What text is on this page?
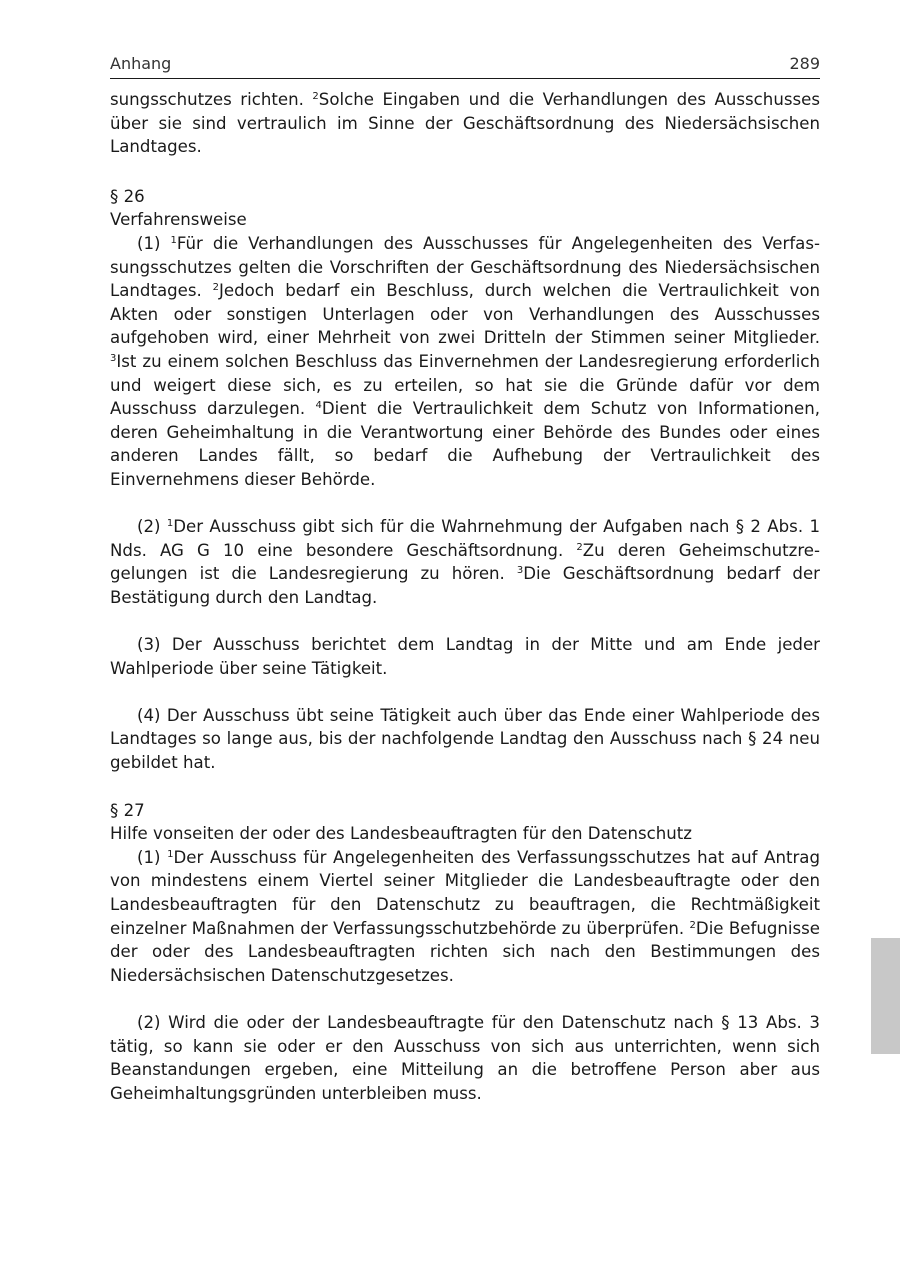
Anhang	289

sungsschutzes richten. $^2$Solche Eingaben und die Verhandlungen des Ausschusses über sie sind vertraulich im Sinne der Geschäftsordnung des Niedersächsischen Landtages.

§ 26

Verfahrensweise

(1) $^1$Für die Verhandlungen des Ausschusses für Angelegenheiten des Verfassungsschutzes gelten die Vorschriften der Geschäftsordnung des Niedersächsischen Landtages. $^2$Jedoch bedarf ein Beschluss, durch welchen die Vertraulichkeit von Akten oder sonstigen Unterlagen oder von Verhandlungen des Ausschusses aufgehoben wird, einer Mehrheit von zwei Dritteln der Stimmen seiner Mitglieder. $^3$Ist zu einem solchen Beschluss das Einvernehmen der Landesregierung erforderlich und weigert diese sich, es zu erteilen, so hat sie die Gründe dafür vor dem Ausschuss darzulegen. $^4$Dient die Vertraulichkeit dem Schutz von Informationen, deren Geheimhaltung in die Verantwortung einer Behörde des Bundes oder eines anderen Landes fällt, so bedarf die Aufhebung der Vertraulichkeit des Einvernehmens dieser Behörde.

(2) $^1$Der Ausschuss gibt sich für die Wahrnehmung der Aufgaben nach § 2 Abs. 1 Nds. AG G 10 eine besondere Geschäftsordnung. $^2$Zu deren Geheimschutzregelungen ist die Landesregierung zu hören. $^3$Die Geschäftsordnung bedarf der Bestätigung durch den Landtag.

(3) Der Ausschuss berichtet dem Landtag in der Mitte und am Ende jeder Wahlperiode über seine Tätigkeit.

(4) Der Ausschuss übt seine Tätigkeit auch über das Ende einer Wahlperiode des Landtages so lange aus, bis der nachfolgende Landtag den Ausschuss nach § 24 neu gebildet hat.

§ 27

Hilfe vonseiten der oder des Landesbeauftragten für den Datenschutz

(1) $^1$Der Ausschuss für Angelegenheiten des Verfassungsschutzes hat auf Antrag von mindestens einem Viertel seiner Mitglieder die Landesbeauftragte oder den Landesbeauftragten für den Datenschutz zu beauftragen, die Rechtmäßigkeit einzelner Maßnahmen der Verfassungsschutzbehörde zu überprüfen. $^2$Die Befugnisse der oder des Landesbeauftragten richten sich nach den Bestimmungen des Niedersächsischen Datenschutzgesetzes.

(2) Wird die oder der Landesbeauftragte für den Datenschutz nach § 13 Abs. 3 tätig, so kann sie oder er den Ausschuss von sich aus unterrichten, wenn sich Beanstandungen ergeben, eine Mitteilung an die betroffene Person aber aus Geheimhaltungsgründen unterbleiben muss.
